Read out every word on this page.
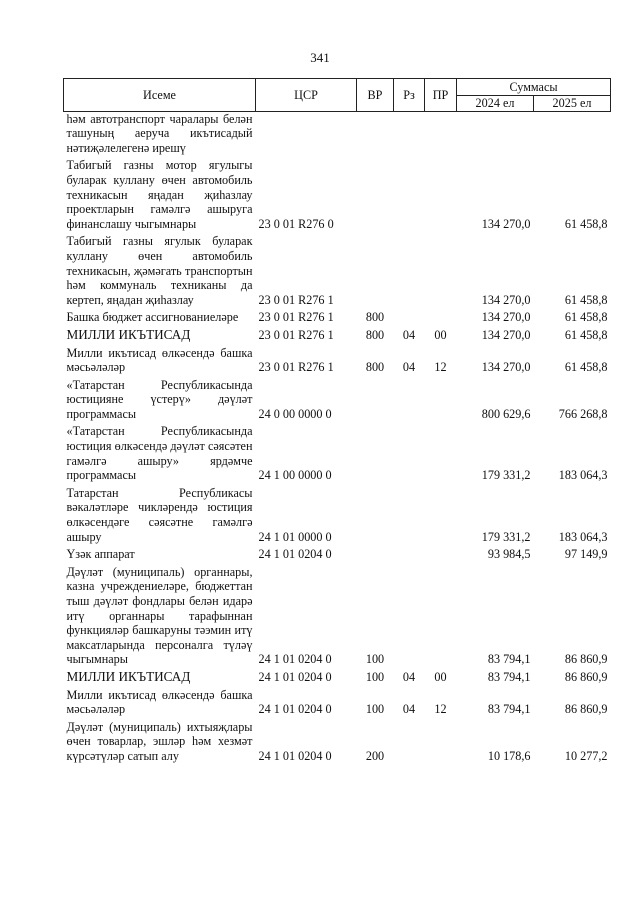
341
Исеме	ЦСР	ВР	Рз	ПР	Суммасы	
					2024 ел	2025 ел
һәм автотранспорт чаралары белән ташуның аеруча икътисадый нәтиҗәлелегенә ирешү						
Табигый газны мотор ягулыгы буларак куллану өчен автомобиль техникасын яңадан җиһазлау проектларын гамәлгә ашыруга финанслашу чыгымнары	23 0 01 R276 0				134 270,0	61 458,8
Табигый газны ягулык буларак куллану өчен автомобиль техникасын, җәмәгать транспортын һәм коммуналь техниканы да кертеп, яңадан җиһазлау	23 0 01 R276 1				134 270,0	61 458,8
Башка бюджет ассигнованиеләре	23 0 01 R276 1	800			134 270,0	61 458,8
МИЛЛИ ИКЪТИСАД	23 0 01 R276 1	800	04	00	134 270,0	61 458,8
Милли икътисад өлкәсендә башка мәсьәләләр	23 0 01 R276 1	800	04	12	134 270,0	61 458,8
«Татарстан Республикасында юстицияне үстерү» дәүләт программасы	24 0 00 0000 0				800 629,6	766 268,8
«Татарстан Республикасында юстиция өлкәсендә дәүләт сәясәтен гамәлгә ашыру» ярдәмче программасы	24 1 00 0000 0				179 331,2	183 064,3
Татарстан Республикасы вәкаләтләре чикләрендә юстиция өлкәсендәге сәясәтне гамәлгә ашыру	24 1 01 0000 0				179 331,2	183 064,3
Үзәк аппарат	24 1 01 0204 0				93 984,5	97 149,9
Дәүләт (муниципаль) органнары, казна учреждениеләре, бюджеттан тыш дәүләт фондлары белән идарә итү органнары тарафыннан функцияләр башкаруны тәэмин итү максатларында персоналга түләү чыгымнары	24 1 01 0204 0	100			83 794,1	86 860,9
МИЛЛИ ИКЪТИСАД	24 1 01 0204 0	100	04	00	83 794,1	86 860,9
Милли икътисад өлкәсендә башка мәсьәләләр	24 1 01 0204 0	100	04	12	83 794,1	86 860,9
Дәүләт (муниципаль) ихтыяҗлары өчен товарлар, эшләр һәм хезмәт күрсәтүләр сатып алу	24 1 01 0204 0	200			10 178,6	10 277,2
